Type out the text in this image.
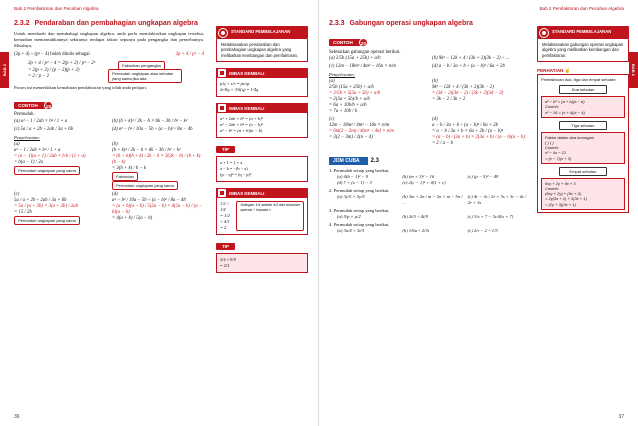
Bab 2 Pemfaktoran dan Pecahan Algebra
BAB 2
2.3.2 Pendaraban dan pembahagian ungkapan algebra

Untuk mendarab dan membahagi ungkapan algebra, anda perlu memfaktorkan ungkapan tersebut, kemudian memansuhkannya sekiranya terdapat faktor sepunya pada pengangka dan penyebutnya. Misalnya,

(2p + 4) ÷ (p² − 4) boleh ditulis sebagai	2p + 4 / p² − 4
2p + 4 / p² − 4 = 2(p + 2) / p² − 2²
= 2(p + 2) / (p − 2)(p + 2)
= 2 / p − 2
Faktorkan pengangka
Permudah ungkapan atau sebutan yang sama jika ada

Proses ini menerbitkan kemahiran pemfaktoran yang telah anda pelajari.

CONTOH	19
Permudah.
(a) a² − 1 / 2ab × b² / 1 + a	(b) (h + k)² / 2k − h × 6k − 3h / h² − k²
(c) 5a / a + 2b ÷ 2ab / 3a + 6b	(d) a² − b² / 10a − 5b ÷ (a − b)² / 8a − 4b
Penyelesaian:
(a)
a² − 1 / 2ab × b² / 1 + a
= (a − 1)(a + 1) / 2ab × b·b / (1 + a)
= b(a − 1) / 2a
Permudah ungkapan yang sama
(b)
(h + k)² / 2k − h × 6k − 3h / h² − k²
= (h + k)(h + k) / 2k − h × 3(2k − h) / (h + k)(h − k)
= 3(h + k) / h − k
Faktorkan Permudah ungkapan yang sama
(c)
5a / a + 2b ÷ 2ab / 3a + 6b
= 5a / (a + 2b) × 3(a + 2b) / 2ab
= 15 / 2b
Permudah ungkapan yang sama
(d)
a² − b² / 10a − 5b ÷ (a − b)² / 8a − 4b
= (a + b)(a − b) / 5(2a − b) × 4(2a − b) / (a − b)(a − b)
= 4(a + b) / 5(a − b)
STANDARD PEMBELAJARAN
Melaksanakan pendaraban dan pembahagian ungkapan algebra yang melibatkan kembangan dan pemfaktoran.
IMBAS KEMBALI
p/q × s/r = ps/qr
2r/8q × 3/6(q) = 1/4q
IMBAS KEMBALI
a² + 2ab + b² = (a + b)²
a² − 2ab + b² = (a − b)²
a² − b² = (a + b)(a − b)
TIP
a + 1 = 1 + a
a − b = −(b − a)
(p − q)² = (q − p)²
IMBAS KEMBALI
1/2 ÷ 1/4
= 1/2 × 4/1
= 2
Salingan 1/4 adalah 4/1 dan tukarkan operasi ÷ kepada ×
TIP
3/4 × 8/9
= 2/3
36
Bab 2 Pemfaktoran dan Pecahan Algebra
BAB 2
2.3.3 Gabungan operasi ungkapan algebra
CONTOH	20
Selesaikan gabungan operasi berikut.
(a) 2/5b (15a + 25b) + a/b	(b) 9k² − 12k + 4 / (3k + 2)(3k − 2) ÷ ...
(c) 12m − 18m² / 4m² − 16n × n/m	(d) a − b / 3a + b ÷ (a − b)² / 6a + 2b
Penyelesaian:
(a)
2/5b (15a + 25b) + a/b
= 2/5b × 5(3a + 5b) + a/b
= 2(3a + 5b)/b + a/b
= 6a + 10b/b + a/b
= 7a + 10b / b
(b)
9k² − 12k + 4 / (3k + 2)(3k − 2)
= (3k − 2)(3k − 2) / (3k + 2)(3k − 2)
= 3k − 2 / 3k + 2
(c)
12m − 18m² / 4m² − 16n × n/m
= 6m(2 − 3m) / 4(m² − 4n) × n/m
= 3(2 − 3m) / 2(n − 4)
(d)
a − b / 3a + b ÷ (a − b)² / 6a + 2b
= a − b / 3a + b × 6a + 2b / (a − b)²
= (a − b) / (3a + b) × 2(3a + b) / (a − b)(a − b)
= 2 / a − b
JOM CUBA	2.3
1. Permudah setiap yang berikut.
(a) 4(b − 1)² − 9	(b) (m + 3)² − 16	(c) (p − 5)² − 49
(d) 7 + (x − 1) − 3	(e) 2(c − 1)² + 4(1 + c)
2. Permudah setiap yang berikut.
(a) 3y/5 × 5y/5	(b) 3m + 2n / m − 2n × m − 5n / ...
(c) 4r − 3s / 2r + 3s × 3r − 4s / 2r + 3s
3. Permudah setiap yang berikut.
(a) 5/p × p/2	(b) 2t/3 ÷ 4t/9	(c) 3/x + 7 − 3c/4(x + 7)
4. Permudah setiap yang berikut.
(a) 3a/4 × 5t/3	(b) 1/6u ÷ 2/3t	(c) 2/r − 2 ÷ 1/3
STANDARD PEMBELAJARAN
Melaksanakan gabungan operasi ungkapan algebra yang melibatkan kembangan dan pemfaktoran.
PERHATIAN ☝
Pemfaktoran dua, tiga dan empat sebutan:
Dua sebutan
a² − b² = (a + b)(a − b)
Contoh:
x² − 16 = (x + 4)(x − 4)
Tiga sebutan
Faktor dalam dua kurungan
( ) ( )
Contoh:
x² − 4x − 21
= (x − 7)(x + 3)
Empat sebutan
6xy + 2y + 9x + 3
Contoh:
(6xy + 2y) + (9x + 3)
= 2y(3x + 1) + 3(3x + 1)
= (2y + 3)(3x + 1)
37
